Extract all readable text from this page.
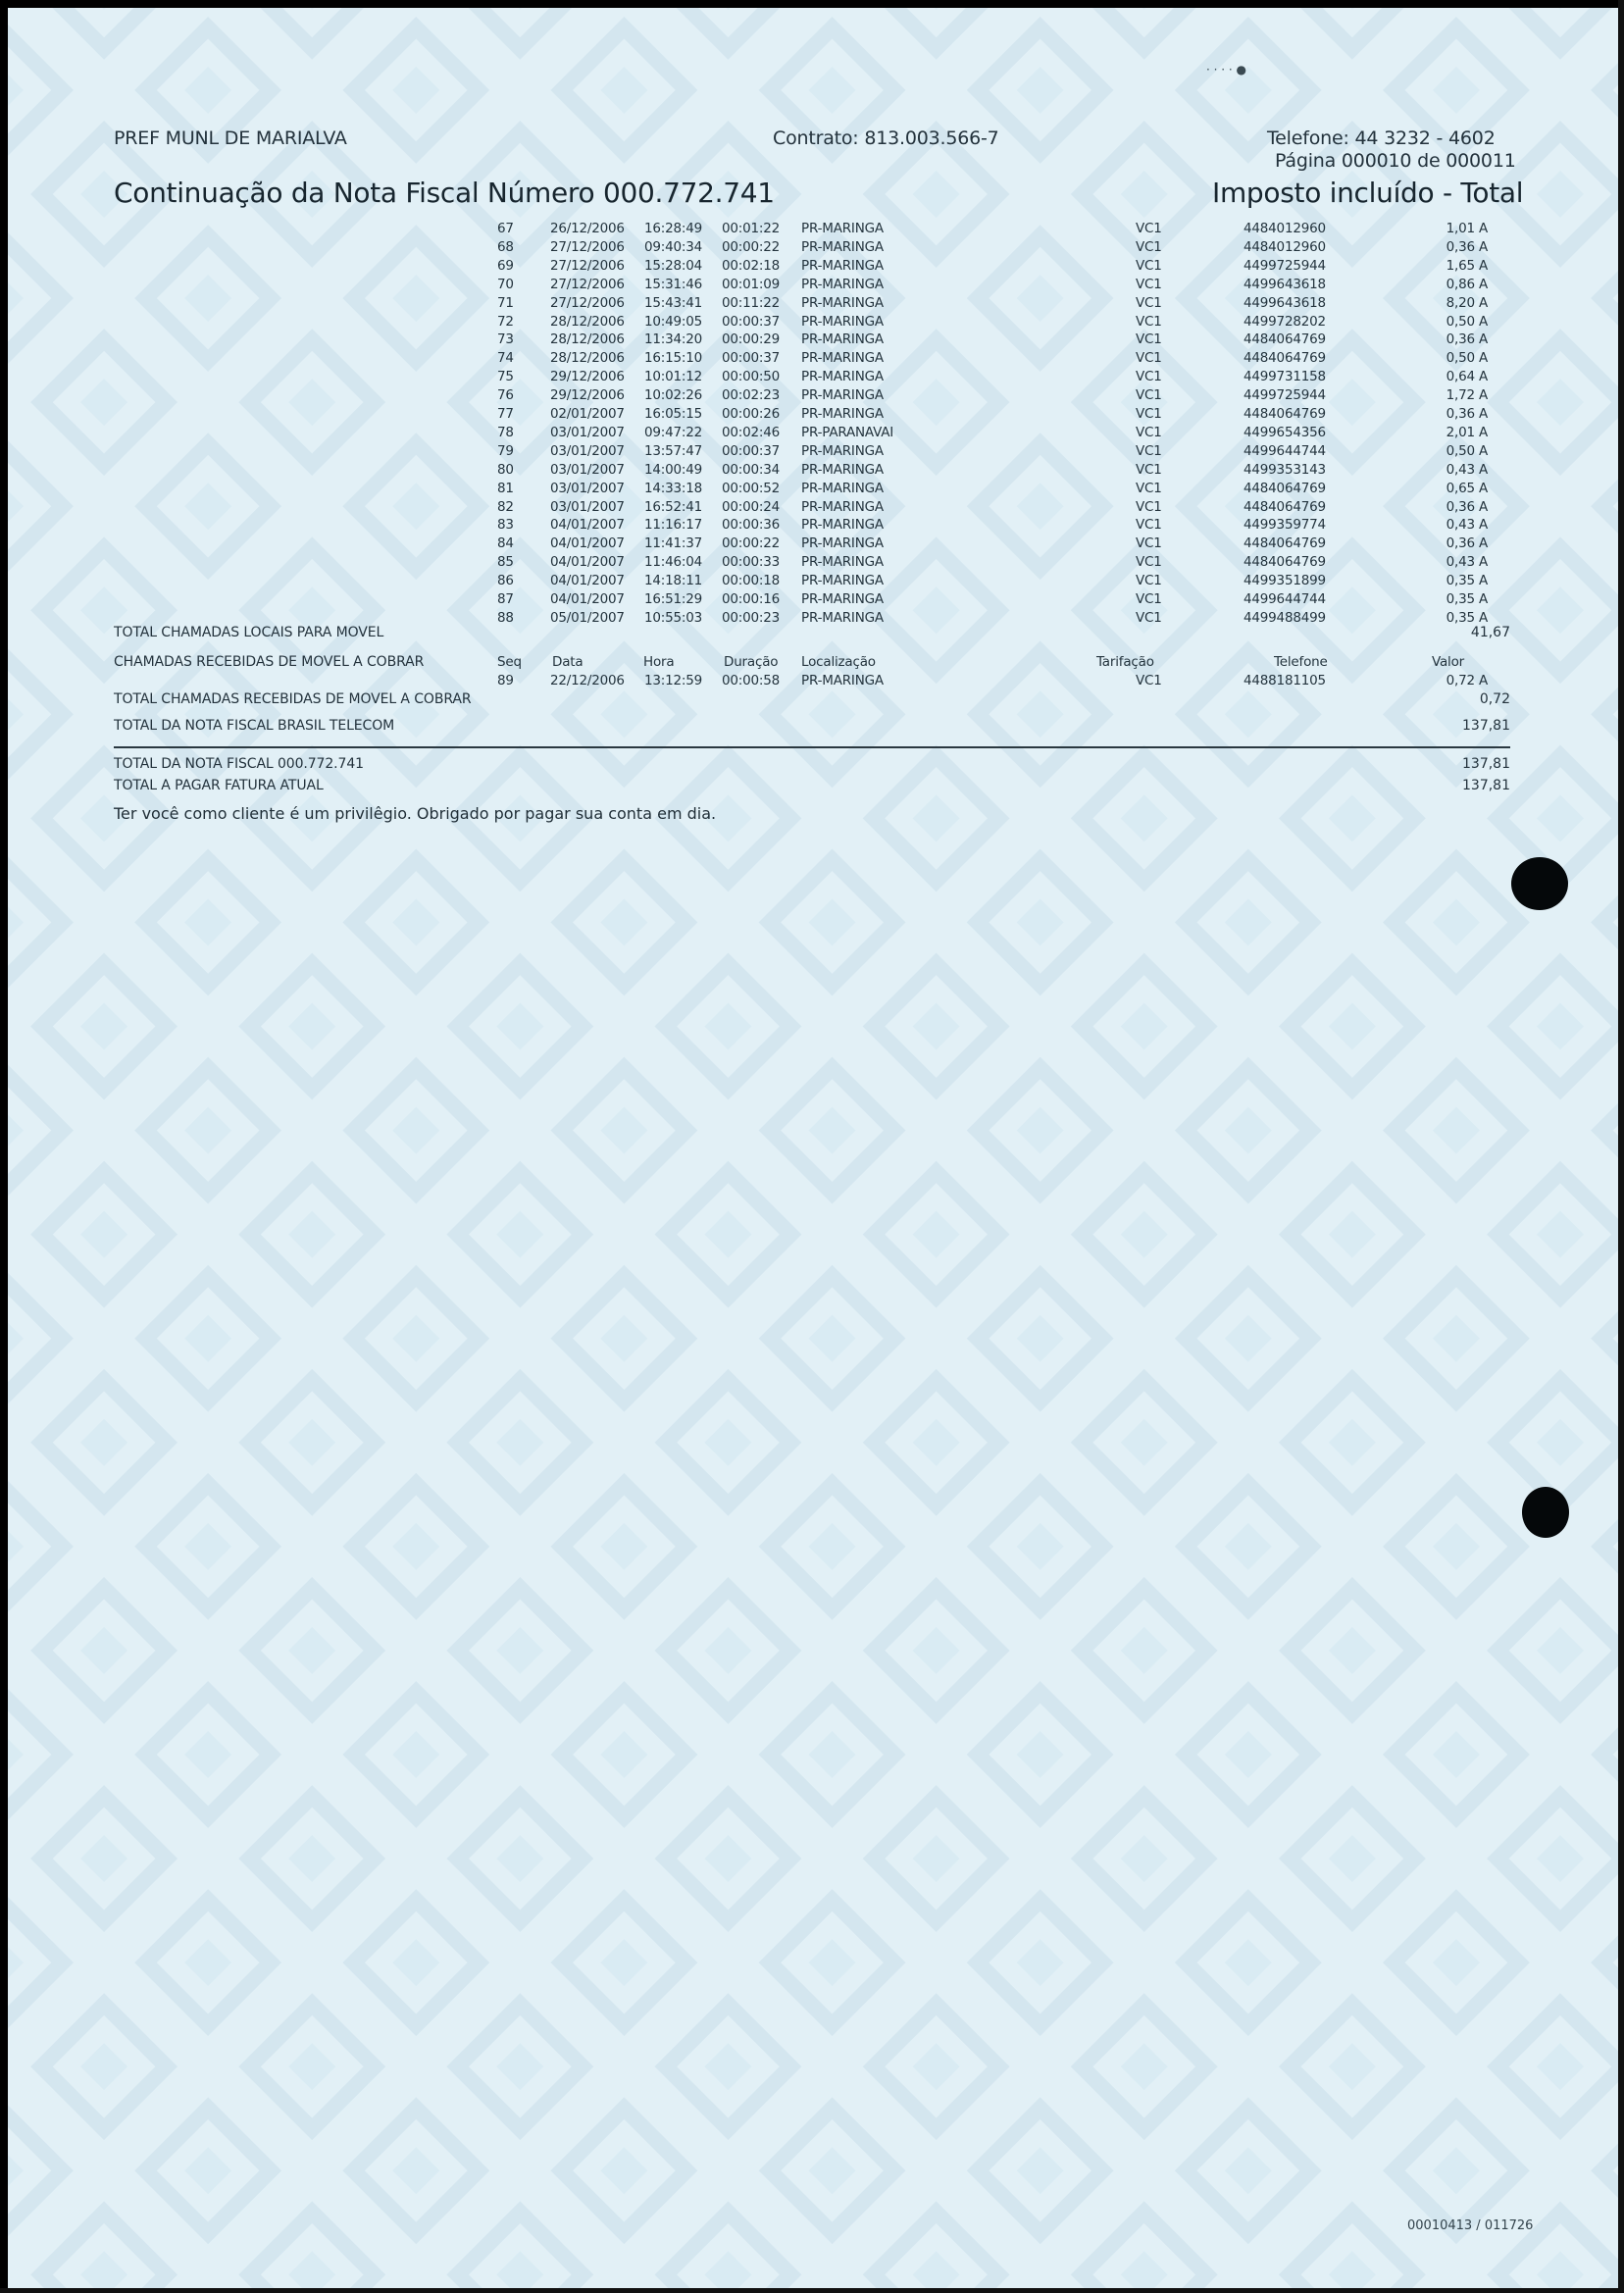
· · · · ●
PREF MUNL DE MARIALVA	Contrato: 813.003.566-7	Telefone: 44 3232 - 4602
Página 000010 de 000011
Continuação da Nota Fiscal Número 000.772.741	Imposto incluído - Total
67	26/12/2006 16:28:49 00:01:22 PR-MARINGA	VC1	4484012960	1,01 A
68	27/12/2006 09:40:34 00:00:22 PR-MARINGA	VC1	4484012960	0,36 A
69	27/12/2006 15:28:04 00:02:18 PR-MARINGA	VC1	4499725944	1,65 A
70	27/12/2006 15:31:46 00:01:09 PR-MARINGA	VC1	4499643618	0,86 A
71	27/12/2006 15:43:41 00:11:22 PR-MARINGA	VC1	4499643618	8,20 A
72	28/12/2006 10:49:05 00:00:37 PR-MARINGA	VC1	4499728202	0,50 A
73	28/12/2006 11:34:20 00:00:29 PR-MARINGA	VC1	4484064769	0,36 A
74	28/12/2006 16:15:10 00:00:37 PR-MARINGA	VC1	4484064769	0,50 A
75	29/12/2006 10:01:12 00:00:50 PR-MARINGA	VC1	4499731158	0,64 A
76	29/12/2006 10:02:26 00:02:23 PR-MARINGA	VC1	4499725944	1,72 A
77	02/01/2007 16:05:15 00:00:26 PR-MARINGA	VC1	4484064769	0,36 A
78	03/01/2007 09:47:22 00:02:46 PR-PARANAVAI	VC1	4499654356	2,01 A
79	03/01/2007 13:57:47 00:00:37 PR-MARINGA	VC1	4499644744	0,50 A
80	03/01/2007 14:00:49 00:00:34 PR-MARINGA	VC1	4499353143	0,43 A
81	03/01/2007 14:33:18 00:00:52 PR-MARINGA	VC1	4484064769	0,65 A
82	03/01/2007 16:52:41 00:00:24 PR-MARINGA	VC1	4484064769	0,36 A
83	04/01/2007 11:16:17 00:00:36 PR-MARINGA	VC1	4499359774	0,43 A
84	04/01/2007 11:41:37 00:00:22 PR-MARINGA	VC1	4484064769	0,36 A
85	04/01/2007 11:46:04 00:00:33 PR-MARINGA	VC1	4484064769	0,43 A
86	04/01/2007 14:18:11 00:00:18 PR-MARINGA	VC1	4499351899	0,35 A
87	04/01/2007 16:51:29 00:00:16 PR-MARINGA	VC1	4499644744	0,35 A
88	05/01/2007 10:55:03 00:00:23 PR-MARINGA	VC1	4499488499	0,35 A
TOTAL CHAMADAS LOCAIS PARA MOVEL	41,67
CHAMADAS RECEBIDAS DE MOVEL A COBRAR	Seq Data	Hora	Duração Localização	Tarifação	Telefone	Valor
89	22/12/2006 13:12:59 00:00:58 PR-MARINGA	VC1	4488181105	0,72 A
TOTAL CHAMADAS RECEBIDAS DE MOVEL A COBRAR	0,72
TOTAL DA NOTA FISCAL BRASIL TELECOM	137,81
TOTAL DA NOTA FISCAL 000.772.741	137,81
TOTAL A PAGAR FATURA ATUAL	137,81
Ter você como cliente é um privilêgio. Obrigado por pagar sua conta em dia.
00010413 / 011726
